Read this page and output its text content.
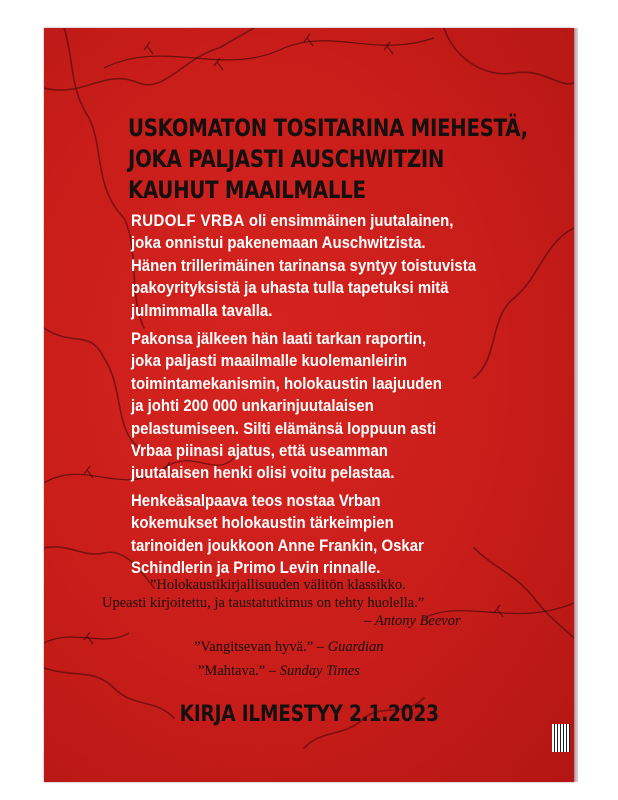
USKOMATON TOSITARINA MIEHESTÄ,
JOKA PALJASTI AUSCHWITZIN
KAUHUT MAAILMALLE
RUDOLF VRBA oli ensimmäinen juutalainen,
joka onnistui pakenemaan Auschwitzista.
Hänen trillerimäinen tarinansa syntyy toistuvista
pakoyrityksistä ja uhasta tulla tapetuksi mitä
julmimmalla tavalla.
Pakonsa jälkeen hän laati tarkan raportin,
joka paljasti maailmalle kuolemanleirin
toimintamekanismin, holokaustin laajuuden
ja johti 200 000 unkarinjuutalaisen
pelastumiseen. Silti elämänsä loppuun asti
Vrbaa piinasi ajatus, että useamman
juutalaisen henki olisi voitu pelastaa.
Henkeäsalpaava teos nostaa Vrban
kokemukset holokaustin tärkeimpien
tarinoiden joukkoon Anne Frankin, Oskar
Schindlerin ja Primo Levin rinnalle.
”Holokaustikirjallisuuden välitön klassikko.
Upeasti kirjoitettu, ja taustatutkimus on tehty huolella.”
– Antony Beevor
”Vangitsevan hyvä.” – Guardian
”Mahtava.” – Sunday Times
KIRJA ILMESTYY 2.1.2023
